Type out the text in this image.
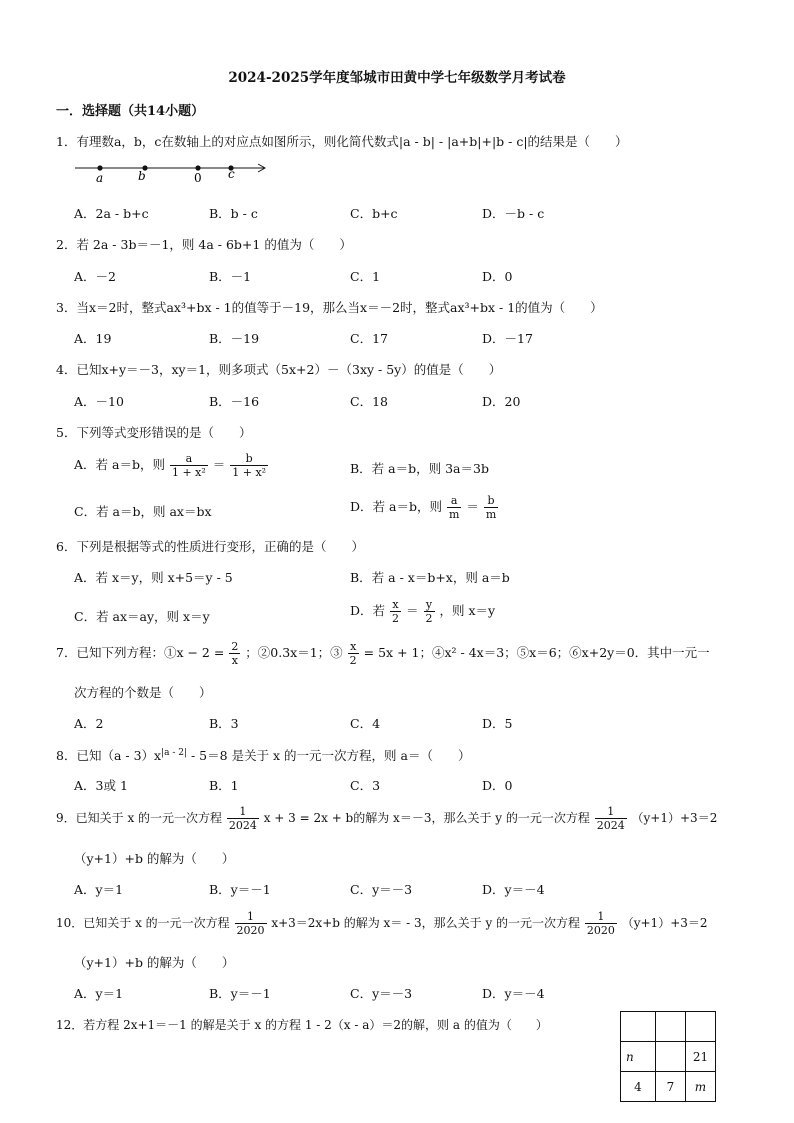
2024-2025学年度邹城市田黄中学七年级数学月考试卷
一．选择题（共14小题）
1．有理数a，b，c在数轴上的对应点如图所示，则化简代数式|a - b| - |a+b|+|b - c|的结果是（　　）
a	b	0 c
A．2a - b+c	B．b - c	C．b+c	D．－b - c
2．若 2a - 3b＝－1，则 4a - 6b+1 的值为（　　）
A．－2	B．－1	C．1	D．0
3．当x＝2时，整式ax³+bx - 1的值等于－19，那么当x＝－2时，整式ax³+bx - 1的值为（　　）
A．19	B．－19	C．17	D．－17
4．已知x+y＝－3，xy＝1，则多项式（5x+2）－（3xy - 5y）的值是（　　）
A．－10	B．－16	C．18	D．20
5．下列等式变形错误的是（　　）
A．若 a＝b，则 $\frac{a}{\text{1 + x²}} = \frac{b}{\text{1 + x²}}$	B．若 a＝b，则 3a＝3b
C．若 a＝b，则 ax＝bx	D．若 a＝b，则 $\frac{a}{m} = \frac{b}{m}$
6．下列是根据等式的性质进行变形，正确的是（　　）
A．若 x＝y，则 x+5＝y - 5	B．若 a - x＝b+x，则 a＝b
C．若 ax＝ay，则 x＝y	D．若 $\frac{x}{2} = \frac{y}{2}$ ，则 x＝y
7．已知下列方程：①x − $2 = \frac{2}{x}$ ；②0.3x＝1；③ $\frac{x}{2} = 5x + 1$；④x² - 4x＝3；⑤x＝6；⑥x+2y＝0．其中一元一
次方程的个数是（　　）
A．2	B．3	C．4	D．5
8．已知$(a - 3)x^{|a - 2|} - 5=8$ 是关于 x 的一元一次方程，则 a＝（　　）
A．3或 1	B．1	C．3	D．0
9．已知关于 x 的一元一次方程 $\frac{1}{2024}$ x + 3 = 2x + b的解为 x＝－3，那么关于 y 的一元一次方程 $\frac{1}{2024} (y+1)+3=2$
（y+1）+b 的解为（　　）
A．y＝1	B．y＝－1	C．y＝－3	D．y＝－4
10．已知关于 x 的一元一次方程 $\frac{1}{2020} x+3=2x+b$ 的解为 x＝ - 3，那么关于 y 的一元一次方程 $\frac{1}{2020} (y+1)+3=2$
（y+1）+b 的解为（　　）
A．y＝1	B．y＝－1	C．y＝－3	D．y＝－4
12．若方程 2x+1＝－1 的解是关于 x 的方程 1 - 2（x - a）＝2的解，则 a 的值为（　　）

n		21
4	7	m
